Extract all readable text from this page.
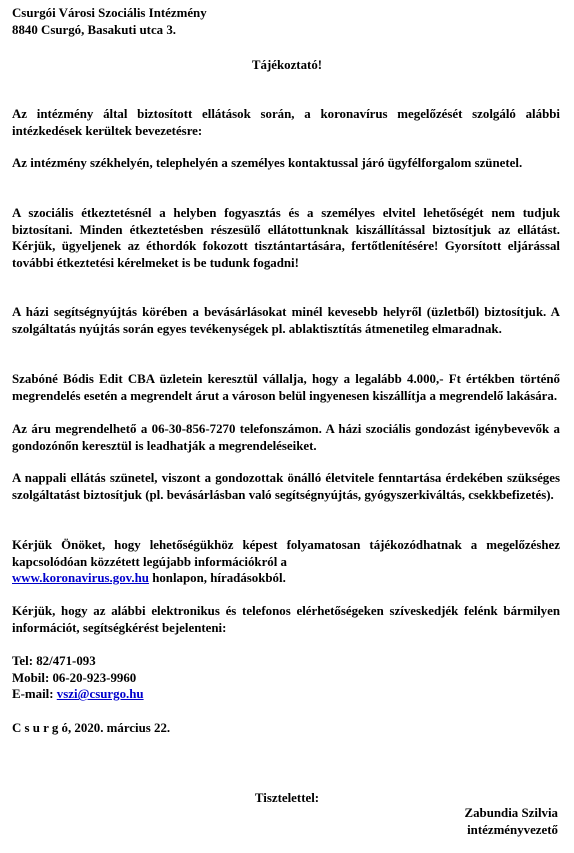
Csurgói Városi Szociális Intézmény
8840 Csurgó, Basakuti utca 3.
Tájékoztató!
Az intézmény által biztosított ellátások során, a koronavírus megelőzését szolgáló alábbi intézkedések kerültek bevezetésre:
Az intézmény székhelyén, telephelyén a személyes kontaktussal járó ügyfélforgalom szünetel.
A szociális étkeztetésnél a helyben fogyasztás és a személyes elvitel lehetőségét nem tudjuk biztosítani. Minden étkeztetésben részesülő ellátottunknak kiszállítással biztosítjuk az ellátást. Kérjük, ügyeljenek az éthordók fokozott tisztántartására, fertőtlenítésére! Gyorsított eljárással további étkeztetési kérelmeket is be tudunk fogadni!
A házi segítségnyújtás körében a bevásárlásokat minél kevesebb helyről (üzletből) biztosítjuk. A szolgáltatás nyújtás során egyes tevékenységek pl. ablaktisztítás átmenetileg elmaradnak.
Szabóné Bódis Edit CBA üzletein keresztül vállalja, hogy a legalább 4.000,- Ft értékben történő megrendelés esetén a megrendelt árut a városon belül ingyenesen kiszállítja a megrendelő lakására.
Az áru megrendelhető a 06-30-856-7270 telefonszámon. A házi szociális gondozást igénybevevők a gondozónőn keresztül is leadhatják a megrendeléseiket.
A nappali ellátás szünetel, viszont a gondozottak önálló életvitele fenntartása érdekében szükséges szolgáltatást biztosítjuk (pl. bevásárlásban való segítségnyújtás, gyógyszerkiváltás, csekkbefizetés).
Kérjük Önöket, hogy lehetőségükhöz képest folyamatosan tájékozódhatnak a megelőzéshez kapcsolódóan közzétett legújabb információkról a
www.koronavirus.gov.hu honlapon, híradásokból.
Kérjük, hogy az alábbi elektronikus és telefonos elérhetőségeken szíveskedjék felénk bármilyen információt, segítségkérést bejelenteni:
Tel: 82/471-093
Mobil: 06-20-923-9960
E-mail: vszi@csurgo.hu
C s u r g ó, 2020. március 22.
Tisztelettel:
Zabundia Szilvia
intézményvezető
